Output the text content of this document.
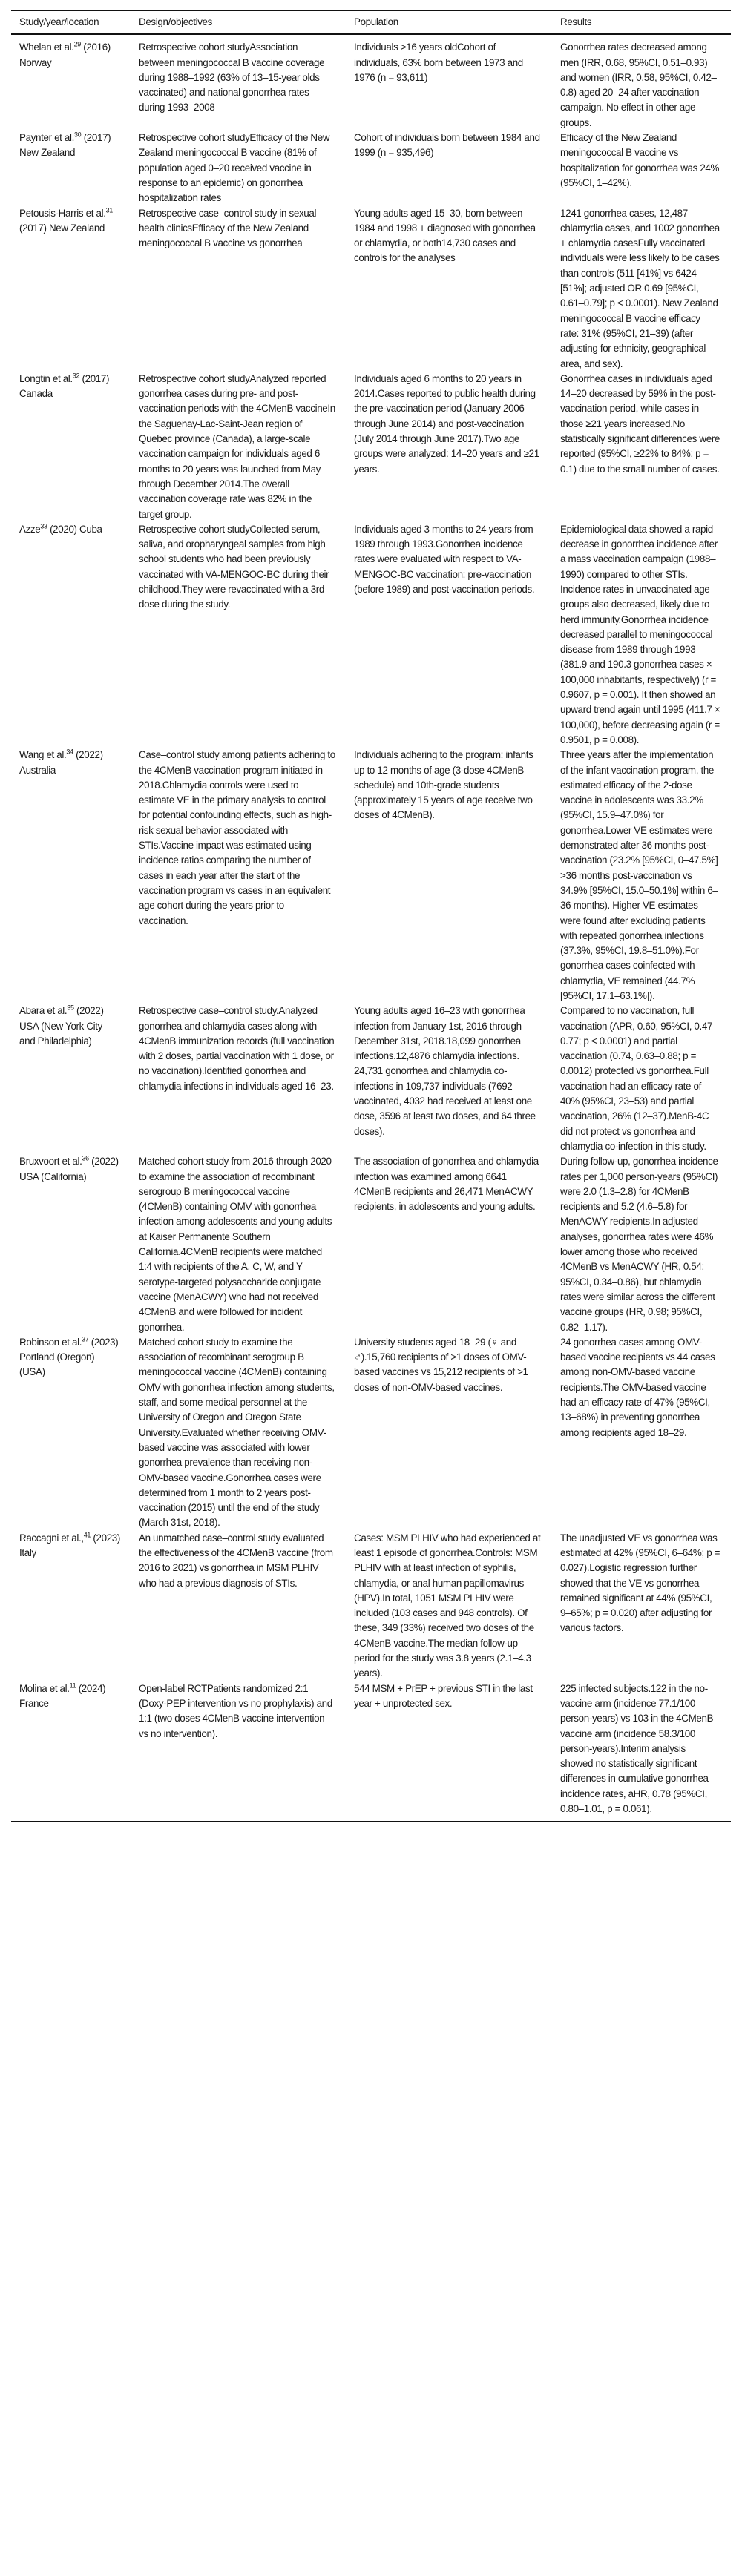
Study/year/location	Design/objectives	Population	Results
Whelan et al.$^{29}$ (2016) Norway	Retrospective cohort studyAssociation between meningococcal B vaccine coverage during 1988–1992 (63% of 13–15-year olds vaccinated) and national gonorrhea rates during 1993–2008	Individuals >16 years oldCohort of individuals, 63% born between 1973 and 1976 (n = 93,611)	Gonorrhea rates decreased among men (IRR, 0.68, 95%CI, 0.51–0.93) and women (IRR, 0.58, 95%CI, 0.42–0.8) aged 20–24 after vaccination campaign. No effect in other age groups.
Paynter et al.$^{30}$ (2017) New Zealand	Retrospective cohort studyEfficacy of the New Zealand meningococcal B vaccine (81% of population aged 0–20 received vaccine in response to an epidemic) on gonorrhea hospitalization rates	Cohort of individuals born between 1984 and 1999 (n = 935,496)	Efficacy of the New Zealand meningococcal B vaccine vs hospitalization for gonorrhea was 24% (95%CI, 1–42%).
Petousis-Harris et al.$^{31}$ (2017) New Zealand	Retrospective case–control study in sexual health clinicsEfficacy of the New Zealand meningococcal B vaccine vs gonorrhea	Young adults aged 15–30, born between 1984 and 1998 + diagnosed with gonorrhea or chlamydia, or both14,730 cases and controls for the analyses	1241 gonorrhea cases, 12,487 chlamydia cases, and 1002 gonorrhea + chlamydia casesFully vaccinated individuals were less likely to be cases than controls (511 [41%] vs 6424 [51%]; adjusted OR 0.69 [95%CI, 0.61–0.79]; p < 0.0001). New Zealand meningococcal B vaccine efficacy rate: 31% (95%CI, 21–39) (after adjusting for ethnicity, geographical area, and sex).
Longtin et al.$^{32}$ (2017) Canada	Retrospective cohort studyAnalyzed reported gonorrhea cases during pre- and post-vaccination periods with the 4CMenB vaccineIn the Saguenay-Lac-Saint-Jean region of Quebec province (Canada), a large-scale vaccination campaign for individuals aged 6 months to 20 years was launched from May through December 2014.The overall vaccination coverage rate was 82% in the target group.	Individuals aged 6 months to 20 years in 2014.Cases reported to public health during the pre-vaccination period (January 2006 through June 2014) and post-vaccination (July 2014 through June 2017).Two age groups were analyzed: 14–20 years and ≥21 years.	Gonorrhea cases in individuals aged 14–20 decreased by 59% in the post-vaccination period, while cases in those ≥21 years increased.No statistically significant differences were reported (95%CI, ≥22% to 84%; p = 0.1) due to the small number of cases.
Azze$^{33}$ (2020) Cuba	Retrospective cohort studyCollected serum, saliva, and oropharyngeal samples from high school students who had been previously vaccinated with VA-MENGOC-BC during their childhood.They were revaccinated with a 3rd dose during the study.	Individuals aged 3 months to 24 years from 1989 through 1993.Gonorrhea incidence rates were evaluated with respect to VA-MENGOC-BC vaccination: pre-vaccination (before 1989) and post-vaccination periods.	Epidemiological data showed a rapid decrease in gonorrhea incidence after a mass vaccination campaign (1988–1990) compared to other STIs. Incidence rates in unvaccinated age groups also decreased, likely due to herd immunity.Gonorrhea incidence decreased parallel to meningococcal disease from 1989 through 1993 (381.9 and 190.3 gonorrhea cases × 100,000 inhabitants, respectively) (r = 0.9607, p = 0.001). It then showed an upward trend again until 1995 (411.7 × 100,000), before decreasing again (r = 0.9501, p = 0.008).
Wang et al.$^{34}$ (2022) Australia	Case–control study among patients adhering to the 4CMenB vaccination program initiated in 2018.Chlamydia controls were used to estimate VE in the primary analysis to control for potential confounding effects, such as high-risk sexual behavior associated with STIs.Vaccine impact was estimated using incidence ratios comparing the number of cases in each year after the start of the vaccination program vs cases in an equivalent age cohort during the years prior to vaccination.	Individuals adhering to the program: infants up to 12 months of age (3-dose 4CMenB schedule) and 10th-grade students (approximately 15 years of age receive two doses of 4CMenB).	Three years after the implementation of the infant vaccination program, the estimated efficacy of the 2-dose vaccine in adolescents was 33.2% (95%CI, 15.9–47.0%) for gonorrhea.Lower VE estimates were demonstrated after 36 months post-vaccination (23.2% [95%CI, 0–47.5%] >36 months post-vaccination vs 34.9% [95%CI, 15.0–50.1%] within 6–36 months). Higher VE estimates were found after excluding patients with repeated gonorrhea infections (37.3%, 95%CI, 19.8–51.0%).For gonorrhea cases coinfected with chlamydia, VE remained (44.7% [95%CI, 17.1–63.1%]).
Abara et al.$^{35}$ (2022) USA (New York City and Philadelphia)	Retrospective case–control study.Analyzed gonorrhea and chlamydia cases along with 4CMenB immunization records (full vaccination with 2 doses, partial vaccination with 1 dose, or no vaccination).Identified gonorrhea and chlamydia infections in individuals aged 16–23.	Young adults aged 16–23 with gonorrhea infection from January 1st, 2016 through December 31st, 2018.18,099 gonorrhea infections.12,4876 chlamydia infections. 24,731 gonorrhea and chlamydia co-infections in 109,737 individuals (7692 vaccinated, 4032 had received at least one dose, 3596 at least two doses, and 64 three doses).	Compared to no vaccination, full vaccination (APR, 0.60, 95%CI, 0.47–0.77; p < 0.0001) and partial vaccination (0.74, 0.63–0.88; p = 0.0012) protected vs gonorrhea.Full vaccination had an efficacy rate of 40% (95%CI, 23–53) and partial vaccination, 26% (12–37).MenB-4C did not protect vs gonorrhea and chlamydia co-infection in this study.
Bruxvoort et al.$^{36}$ (2022) USA (California)	Matched cohort study from 2016 through 2020 to examine the association of recombinant serogroup B meningococcal vaccine (4CMenB) containing OMV with gonorrhea infection among adolescents and young adults at Kaiser Permanente Southern California.4CMenB recipients were matched 1:4 with recipients of the A, C, W, and Y serotype-targeted polysaccharide conjugate vaccine (MenACWY) who had not received 4CMenB and were followed for incident gonorrhea.	The association of gonorrhea and chlamydia infection was examined among 6641 4CMenB recipients and 26,471 MenACWY recipients, in adolescents and young adults.	During follow-up, gonorrhea incidence rates per 1,000 person-years (95%CI) were 2.0 (1.3–2.8) for 4CMenB recipients and 5.2 (4.6–5.8) for MenACWY recipients.In adjusted analyses, gonorrhea rates were 46% lower among those who received 4CMenB vs MenACWY (HR, 0.54; 95%CI, 0.34–0.86), but chlamydia rates were similar across the different vaccine groups (HR, 0.98; 95%CI, 0.82–1.17).
Robinson et al.$^{37}$ (2023) Portland (Oregon) (USA)	Matched cohort study to examine the association of recombinant serogroup B meningococcal vaccine (4CMenB) containing OMV with gonorrhea infection among students, staff, and some medical personnel at the University of Oregon and Oregon State University.Evaluated whether receiving OMV-based vaccine was associated with lower gonorrhea prevalence than receiving non-OMV-based vaccine.Gonorrhea cases were determined from 1 month to 2 years post-vaccination (2015) until the end of the study (March 31st, 2018).	University students aged 18–29 (♀ and ♂).15,760 recipients of >1 doses of OMV-based vaccines vs 15,212 recipients of >1 doses of non-OMV-based vaccines.	24 gonorrhea cases among OMV-based vaccine recipients vs 44 cases among non-OMV-based vaccine recipients.The OMV-based vaccine had an efficacy rate of 47% (95%CI, 13–68%) in preventing gonorrhea among recipients aged 18–29.
Raccagni et al.,$^{41}$ (2023) Italy	An unmatched case–control study evaluated the effectiveness of the 4CMenB vaccine (from 2016 to 2021) vs gonorrhea in MSM PLHIV who had a previous diagnosis of STIs.	Cases: MSM PLHIV who had experienced at least 1 episode of gonorrhea.Controls: MSM PLHIV with at least infection of syphilis, chlamydia, or anal human papillomavirus (HPV).In total, 1051 MSM PLHIV were included (103 cases and 948 controls). Of these, 349 (33%) received two doses of the 4CMenB vaccine.The median follow-up period for the study was 3.8 years (2.1–4.3 years).	The unadjusted VE vs gonorrhea was estimated at 42% (95%CI, 6–64%; p = 0.027).Logistic regression further showed that the VE vs gonorrhea remained significant at 44% (95%CI, 9–65%; p = 0.020) after adjusting for various factors.
Molina et al.$^{11}$ (2024) France	Open-label RCTPatients randomized 2:1 (Doxy-PEP intervention vs no prophylaxis) and 1:1 (two doses 4CMenB vaccine intervention vs no intervention).	544 MSM + PrEP + previous STI in the last year + unprotected sex.	225 infected subjects.122 in the no-vaccine arm (incidence 77.1/100 person-years) vs 103 in the 4CMenB vaccine arm (incidence 58.3/100 person-years).Interim analysis showed no statistically significant differences in cumulative gonorrhea incidence rates, aHR, 0.78 (95%CI, 0.80–1.01, p = 0.061).
